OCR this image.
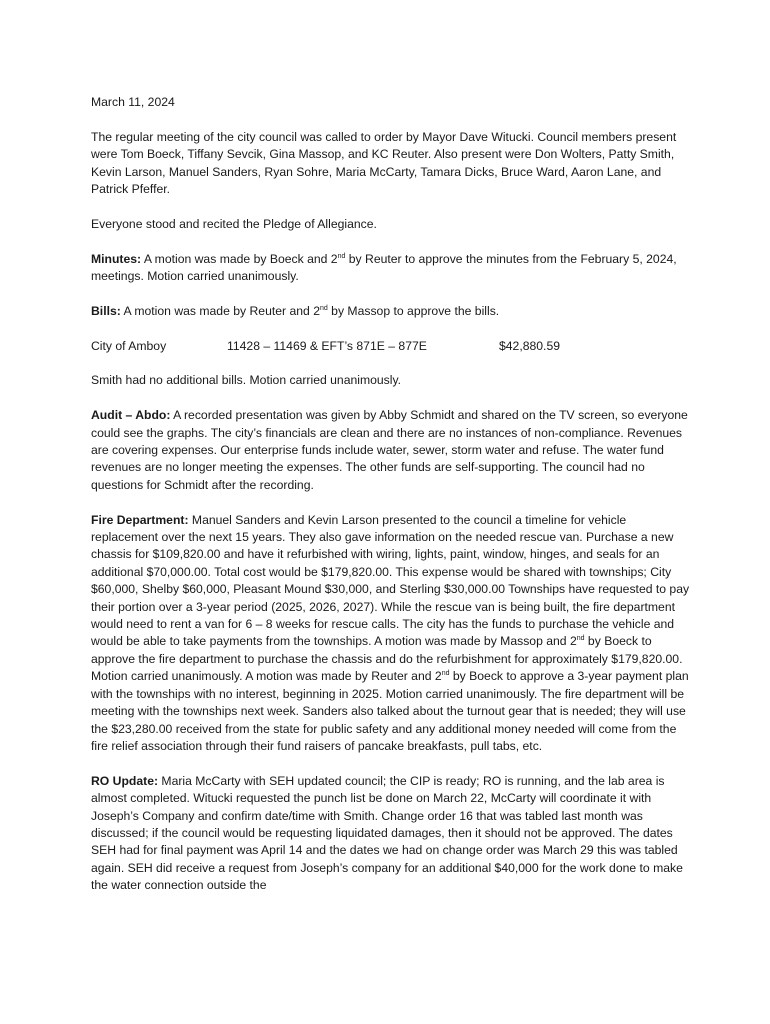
March 11, 2024

The regular meeting of the city council was called to order by Mayor Dave Witucki. Council members present were Tom Boeck, Tiffany Sevcik, Gina Massop, and KC Reuter. Also present were Don Wolters, Patty Smith, Kevin Larson, Manuel Sanders, Ryan Sohre, Maria McCarty, Tamara Dicks, Bruce Ward, Aaron Lane, and Patrick Pfeffer.

Everyone stood and recited the Pledge of Allegiance.

Minutes: A motion was made by Boeck and 2nd by Reuter to approve the minutes from the February 5, 2024, meetings. Motion carried unanimously.

Bills: A motion was made by Reuter and 2nd by Massop to approve the bills.

City of Amboy	11428 – 11469 & EFT’s 871E – 877E	$42,880.59

Smith had no additional bills. Motion carried unanimously.

Audit – Abdo: A recorded presentation was given by Abby Schmidt and shared on the TV screen, so everyone could see the graphs. The city’s financials are clean and there are no instances of non-compliance. Revenues are covering expenses. Our enterprise funds include water, sewer, storm water and refuse. The water fund revenues are no longer meeting the expenses. The other funds are self-supporting. The council had no questions for Schmidt after the recording.

Fire Department: Manuel Sanders and Kevin Larson presented to the council a timeline for vehicle replacement over the next 15 years. They also gave information on the needed rescue van. Purchase a new chassis for $109,820.00 and have it refurbished with wiring, lights, paint, window, hinges, and seals for an additional $70,000.00. Total cost would be $179,820.00. This expense would be shared with townships; City $60,000, Shelby $60,000, Pleasant Mound $30,000, and Sterling $30,000.00 Townships have requested to pay their portion over a 3-year period (2025, 2026, 2027). While the rescue van is being built, the fire department would need to rent a van for 6 – 8 weeks for rescue calls. The city has the funds to purchase the vehicle and would be able to take payments from the townships. A motion was made by Massop and 2nd by Boeck to approve the fire department to purchase the chassis and do the refurbishment for approximately $179,820.00. Motion carried unanimously. A motion was made by Reuter and 2nd by Boeck to approve a 3-year payment plan with the townships with no interest, beginning in 2025. Motion carried unanimously. The fire department will be meeting with the townships next week. Sanders also talked about the turnout gear that is needed; they will use the $23,280.00 received from the state for public safety and any additional money needed will come from the fire relief association through their fund raisers of pancake breakfasts, pull tabs, etc.

RO Update: Maria McCarty with SEH updated council; the CIP is ready; RO is running, and the lab area is almost completed. Witucki requested the punch list be done on March 22, McCarty will coordinate it with Joseph’s Company and confirm date/time with Smith. Change order 16 that was tabled last month was discussed; if the council would be requesting liquidated damages, then it should not be approved. The dates SEH had for final payment was April 14 and the dates we had on change order was March 29 this was tabled again. SEH did receive a request from Joseph’s company for an additional $40,000 for the work done to make the water connection outside the
